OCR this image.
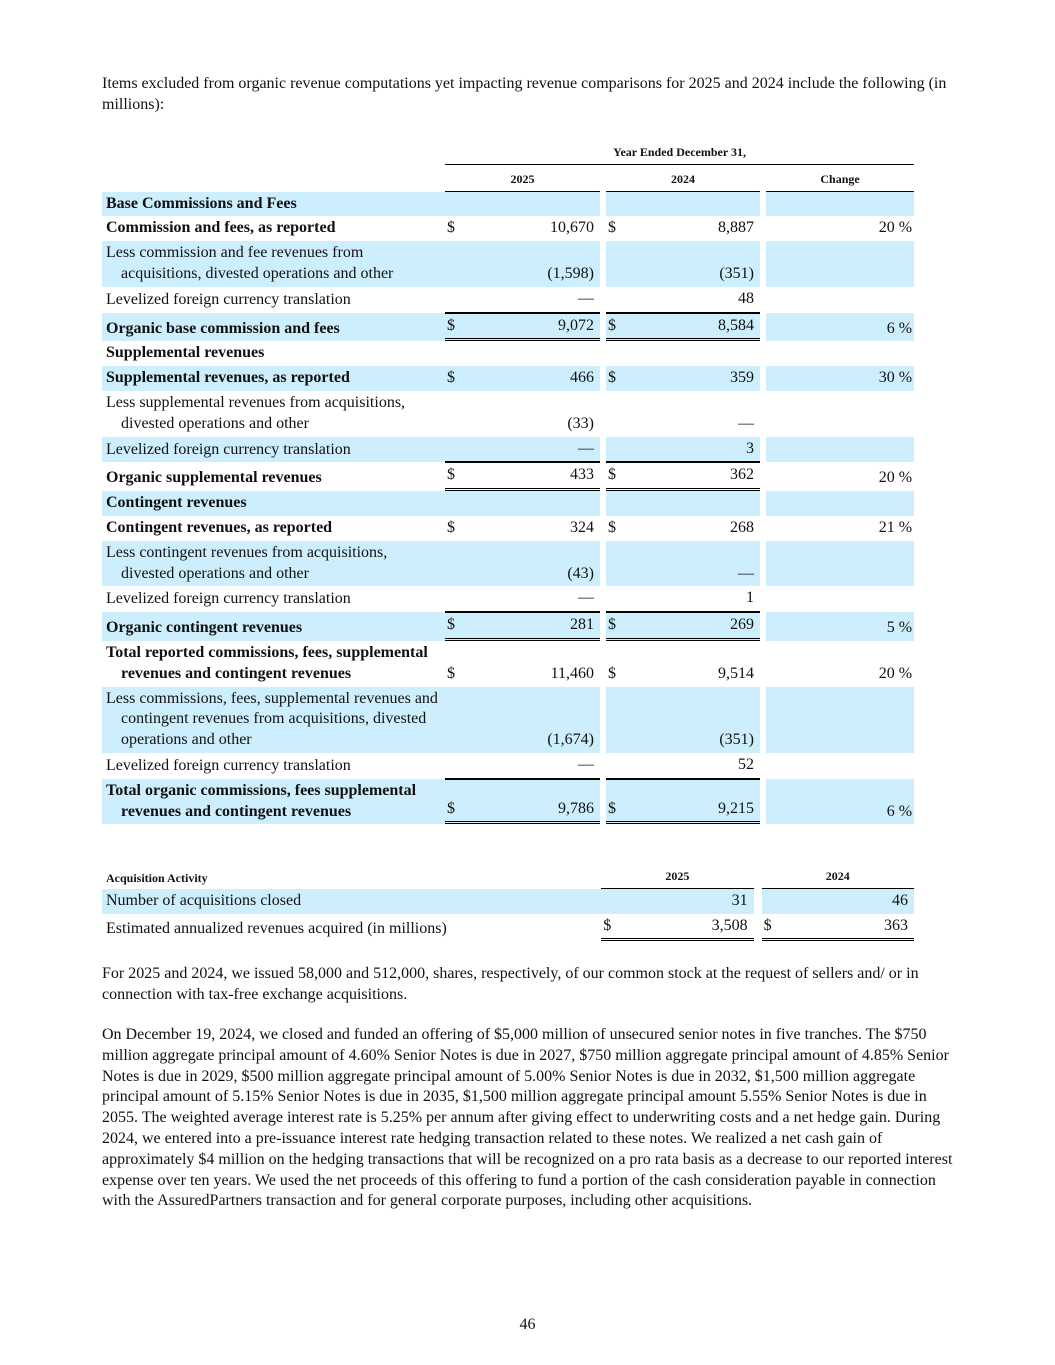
Items excluded from organic revenue computations yet impacting revenue comparisons for 2025 and 2024 include the following (in millions):

	Year Ended December 31,						
	2025			2024			Change
Base Commissions and Fees							
Commission and fees, as reported	$	10,670		$	8,887		20 %
Less commission and fee revenues from acquisitions, divested operations and other		(1,598)			(351)		
Levelized foreign currency translation		—			48		
Organic base commission and fees	$	9,072		$	8,584		6 %
Supplemental revenues							
Supplemental revenues, as reported	$	466		$	359		30 %
Less supplemental revenues from acquisitions, divested operations and other		(33)			—		
Levelized foreign currency translation		—			3		
Organic supplemental revenues	$	433		$	362		20 %
Contingent revenues							
Contingent revenues, as reported	$	324		$	268		21 %
Less contingent revenues from acquisitions, divested operations and other		(43)			—		
Levelized foreign currency translation		—			1		
Organic contingent revenues	$	281		$	269		5 %
Total reported commissions, fees, supplemental revenues and contingent revenues	$	11,460		$	9,514		20 %
Less commissions, fees, supplemental revenues and contingent revenues from acquisitions, divested operations and other		(1,674)			(351)		
Levelized foreign currency translation		—			52		
Total organic commissions, fees supplemental revenues and contingent revenues	$	9,786		$	9,215		6 %
Acquisition Activity	2025			2024	
Number of acquisitions closed		31			46
Estimated annualized revenues acquired (in millions)	$	3,508		$	363

For 2025 and 2024, we issued 58,000 and 512,000, shares, respectively, of our common stock at the request of sellers and/ or in connection with tax-free exchange acquisitions.

On December 19, 2024, we closed and funded an offering of $5,000 million of unsecured senior notes in five tranches. The $750 million aggregate principal amount of 4.60% Senior Notes is due in 2027, $750 million aggregate principal amount of 4.85% Senior Notes is due in 2029, $500 million aggregate principal amount of 5.00% Senior Notes is due in 2032, $1,500 million aggregate principal amount of 5.15% Senior Notes is due in 2035, $1,500 million aggregate principal amount 5.55% Senior Notes is due in 2055. The weighted average interest rate is 5.25% per annum after giving effect to underwriting costs and a net hedge gain. During 2024, we entered into a pre-issuance interest rate hedging transaction related to these notes. We realized a net cash gain of approximately $4 million on the hedging transactions that will be recognized on a pro rata basis as a decrease to our reported interest expense over ten years. We used the net proceeds of this offering to fund a portion of the cash consideration payable in connection with the AssuredPartners transaction and for general corporate purposes, including other acquisitions.

46
